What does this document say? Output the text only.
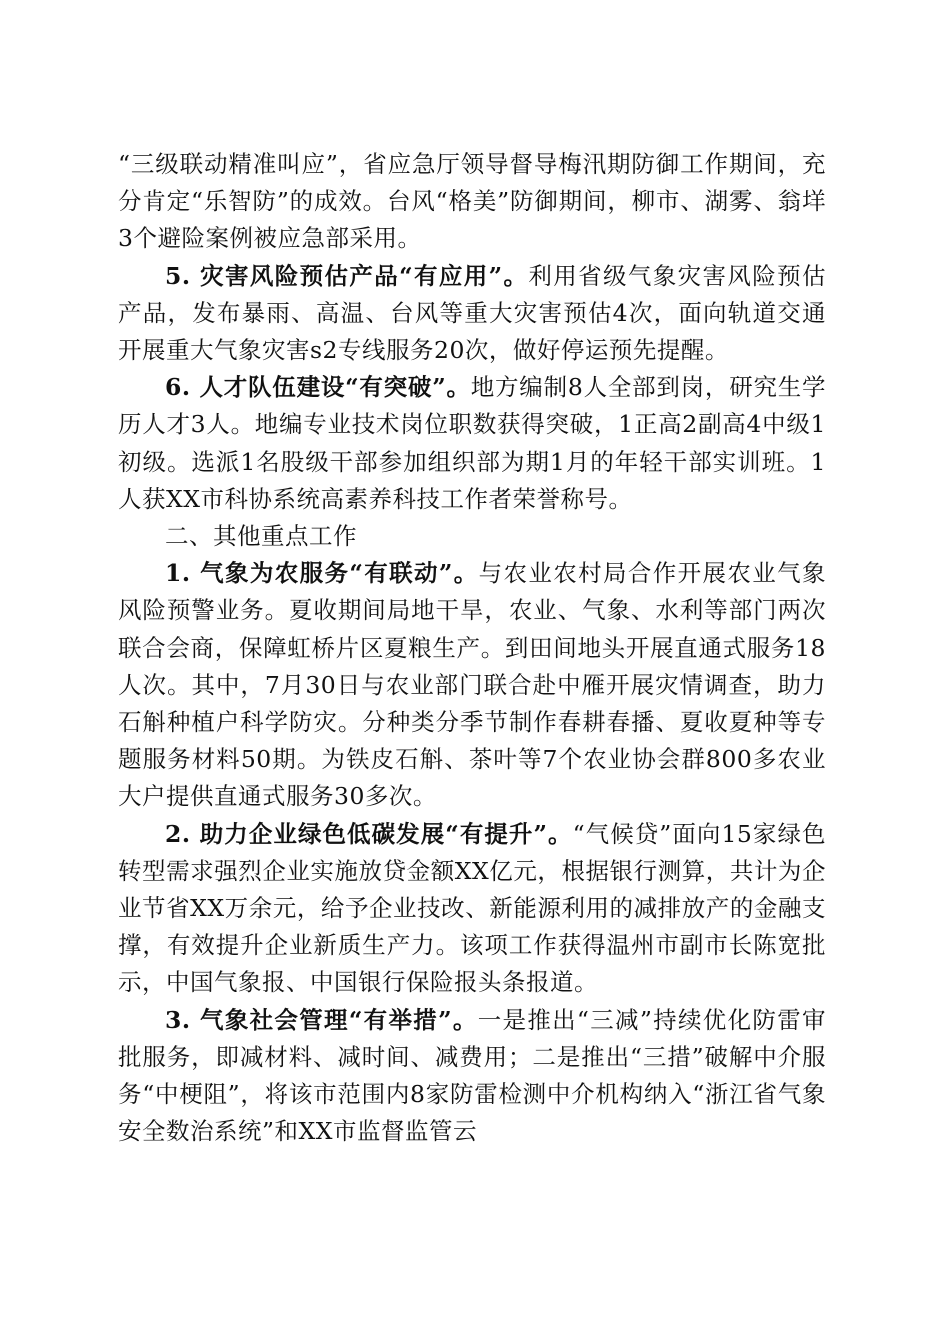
“三级联动精准叫应”，省应急厅领导督导梅汛期防御工作期间，充分肯定“乐智防”的成效。台风“格美”防御期间，柳市、湖雾、翁垟3个避险案例被应急部采用。

5. 灾害风险预估产品“有应用”。利用省级气象灾害风险预估产品，发布暴雨、高温、台风等重大灾害预估4次，面向轨道交通开展重大气象灾害s2专线服务20次，做好停运预先提醒。

6. 人才队伍建设“有突破”。地方编制8人全部到岗，研究生学历人才3人。地编专业技术岗位职数获得突破，1正高2副高4中级1初级。选派1名股级干部参加组织部为期1月的年轻干部实训班。1人获XX市科协系统高素养科技工作者荣誉称号。

二、其他重点工作

1. 气象为农服务“有联动”。与农业农村局合作开展农业气象风险预警业务。夏收期间局地干旱，农业、气象、水利等部门两次联合会商，保障虹桥片区夏粮生产。到田间地头开展直通式服务18人次。其中，7月30日与农业部门联合赴中雁开展灾情调查，助力石斛种植户科学防灾。分种类分季节制作春耕春播、夏收夏种等专题服务材料50期。为铁皮石斛、茶叶等7个农业协会群800多农业大户提供直通式服务30多次。

2. 助力企业绿色低碳发展“有提升”。“气候贷”面向15家绿色转型需求强烈企业实施放贷金额XX亿元，根据银行测算，共计为企业节省XX万余元，给予企业技改、新能源利用的减排放产的金融支撑，有效提升企业新质生产力。该项工作获得温州市副市长陈宽批示，中国气象报、中国银行保险报头条报道。

3. 气象社会管理“有举措”。一是推出“三减”持续优化防雷审批服务，即减材料、减时间、减费用；二是推出“三措”破解中介服务“中梗阻”，将该市范围内8家防雷检测中介机构纳入“浙江省气象安全数治系统”和XX市监督监管云
